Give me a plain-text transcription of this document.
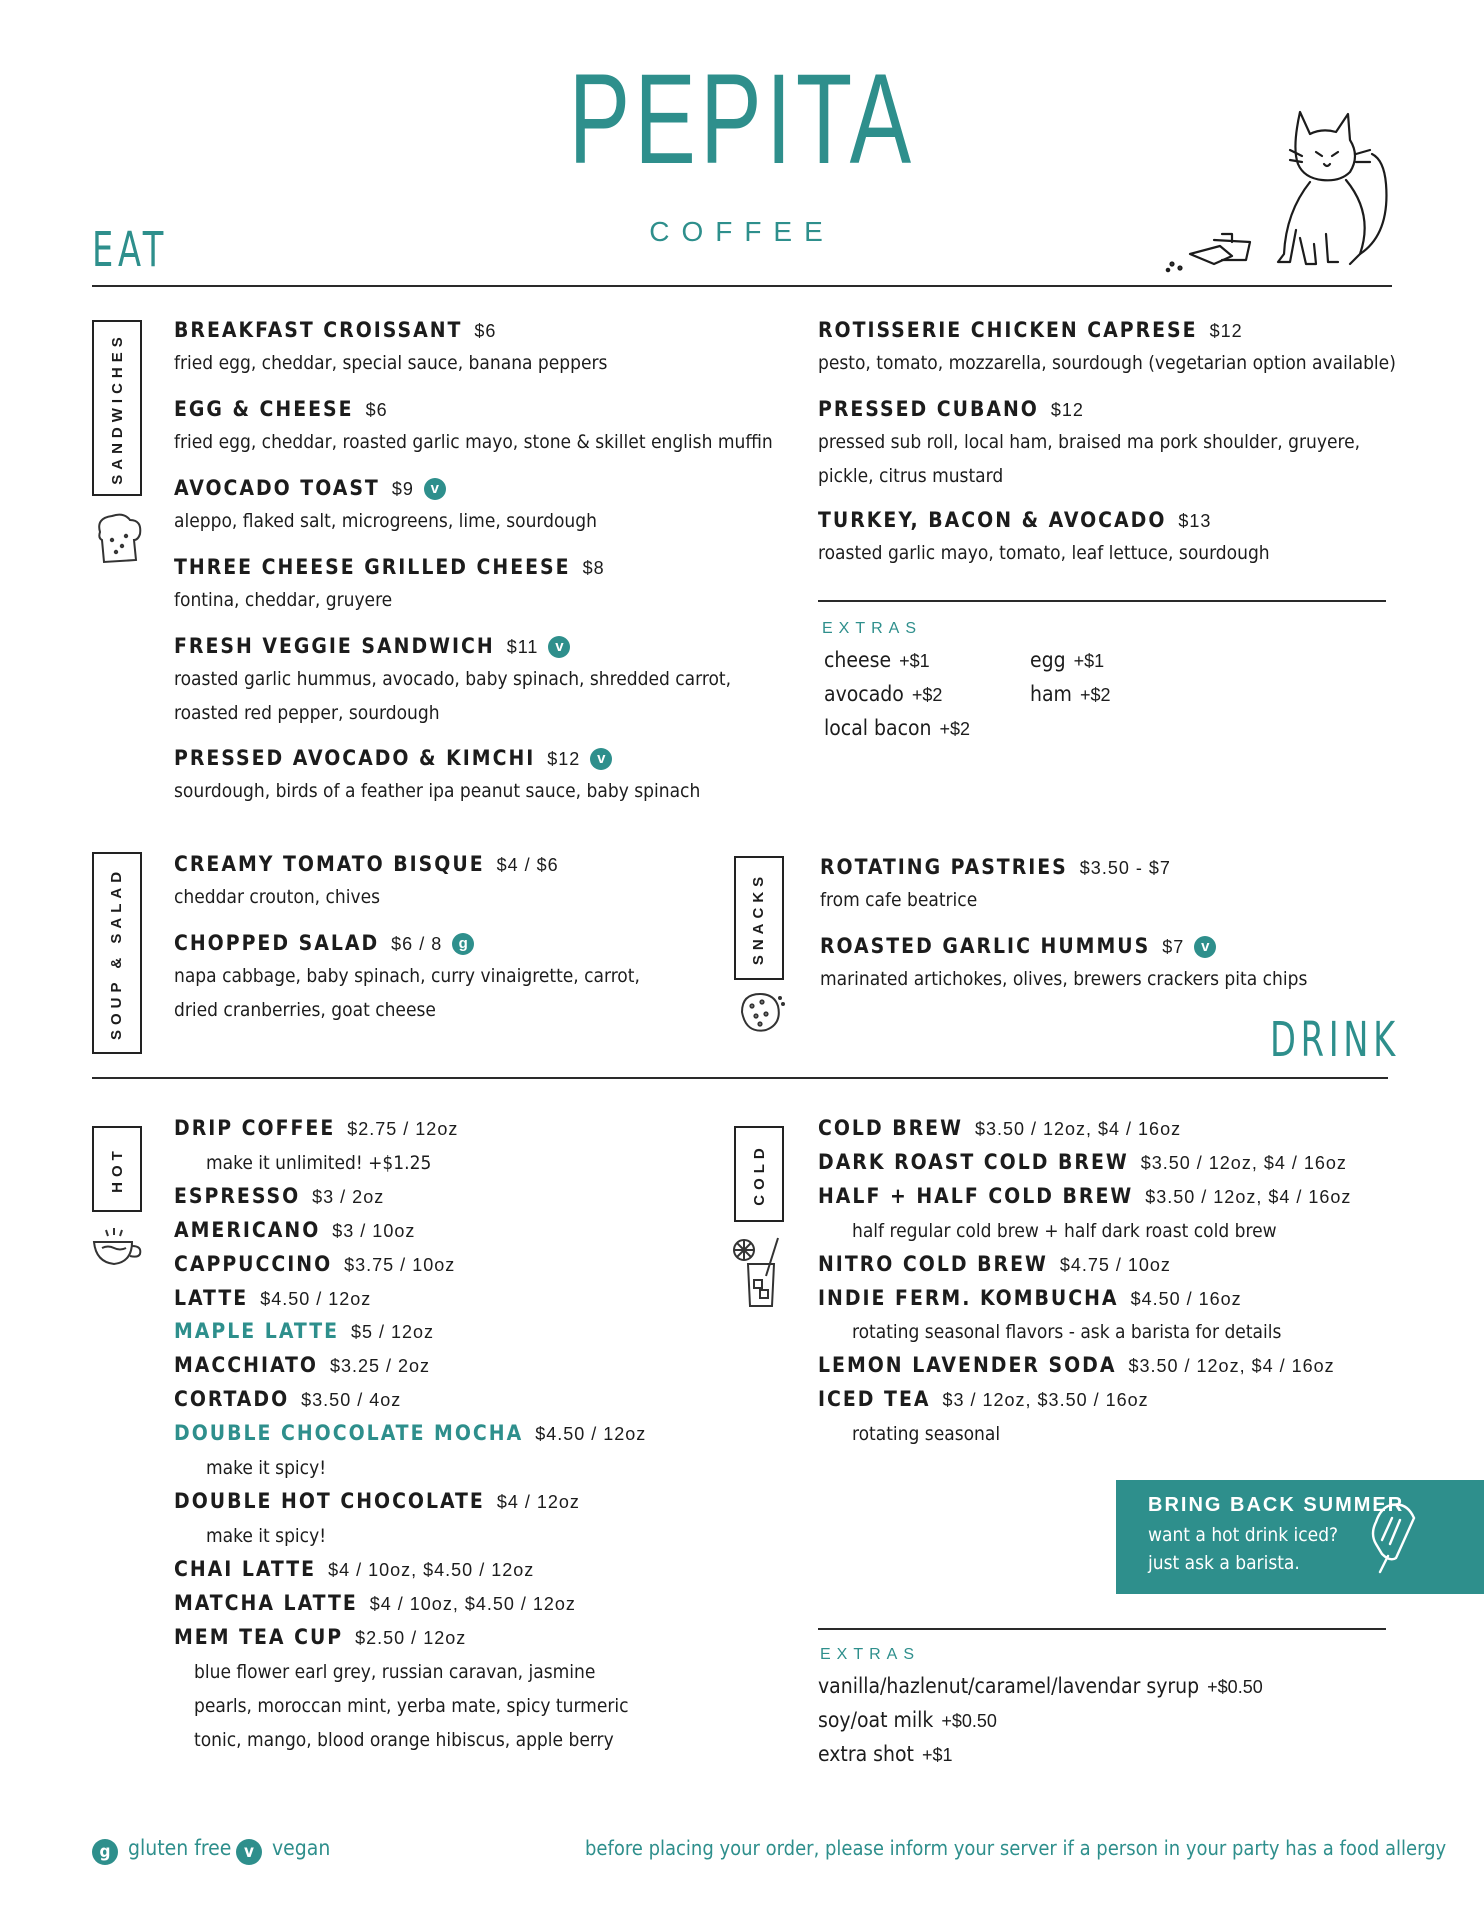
PEPITA
COFFEE
EAT
SANDWICHES
BREAKFAST CROISSANT $6
fried egg, cheddar, special sauce, banana peppers
EGG & CHEESE $6
fried egg, cheddar, roasted garlic mayo, stone & skillet english muffin
AVOCADO TOAST $9 v
aleppo, flaked salt, microgreens, lime, sourdough
THREE CHEESE GRILLED CHEESE $8
fontina, cheddar, gruyere
FRESH VEGGIE SANDWICH $11 v
roasted garlic hummus, avocado, baby spinach, shredded carrot,
roasted red pepper, sourdough
PRESSED AVOCADO & KIMCHI $12 v
sourdough, birds of a feather ipa peanut sauce, baby spinach
ROTISSERIE CHICKEN CAPRESE $12
pesto, tomato, mozzarella, sourdough (vegetarian option available)
PRESSED CUBANO $12
pressed sub roll, local ham, braised ma pork shoulder, gruyere,
pickle, citrus mustard
TURKEY, BACON & AVOCADO $13
roasted garlic mayo, tomato, leaf lettuce, sourdough
EXTRAS
cheese +$1	egg +$1
avocado +$2	ham +$2
local bacon +$2
SOUP & SALAD
CREAMY TOMATO BISQUE $4 / $6
cheddar crouton, chives
CHOPPED SALAD $6 / 8 g
napa cabbage, baby spinach, curry vinaigrette, carrot,
dried cranberries, goat cheese
SNACKS
ROTATING PASTRIES $3.50 - $7
from cafe beatrice
ROASTED GARLIC HUMMUS $7 v
marinated artichokes, olives, brewers crackers pita chips
DRINK
HOT
DRIP COFFEE $2.75 / 12oz
make it unlimited! +$1.25
ESPRESSO $3 / 2oz
AMERICANO $3 / 10oz
CAPPUCCINO $3.75 / 10oz
LATTE $4.50 / 12oz
MAPLE LATTE $5 / 12oz
MACCHIATO $3.25 / 2oz
CORTADO $3.50 / 4oz
DOUBLE CHOCOLATE MOCHA $4.50 / 12oz
make it spicy!
DOUBLE HOT CHOCOLATE $4 / 12oz
make it spicy!
CHAI LATTE $4 / 10oz, $4.50 / 12oz
MATCHA LATTE $4 / 10oz, $4.50 / 12oz
MEM TEA CUP $2.50 / 12oz
blue flower earl grey, russian caravan, jasmine
pearls, moroccan mint, yerba mate, spicy turmeric
tonic, mango, blood orange hibiscus, apple berry
COLD
COLD BREW $3.50 / 12oz, $4 / 16oz
DARK ROAST COLD BREW $3.50 / 12oz, $4 / 16oz
HALF + HALF COLD BREW $3.50 / 12oz, $4 / 16oz
half regular cold brew + half dark roast cold brew
NITRO COLD BREW $4.75 / 10oz
INDIE FERM. KOMBUCHA $4.50 / 16oz
rotating seasonal flavors - ask a barista for details
LEMON LAVENDER SODA $3.50 / 12oz, $4 / 16oz
ICED TEA $3 / 12oz, $3.50 / 16oz
rotating seasonal
BRING BACK SUMMER
want a hot drink iced?
just ask a barista.
EXTRAS
vanilla/hazlenut/caramel/lavendar syrup +$0.50
soy/oat milk +$0.50
extra shot +$1
g gluten free v vegan	before placing your order, please inform your server if a person in your party has a food allergy
